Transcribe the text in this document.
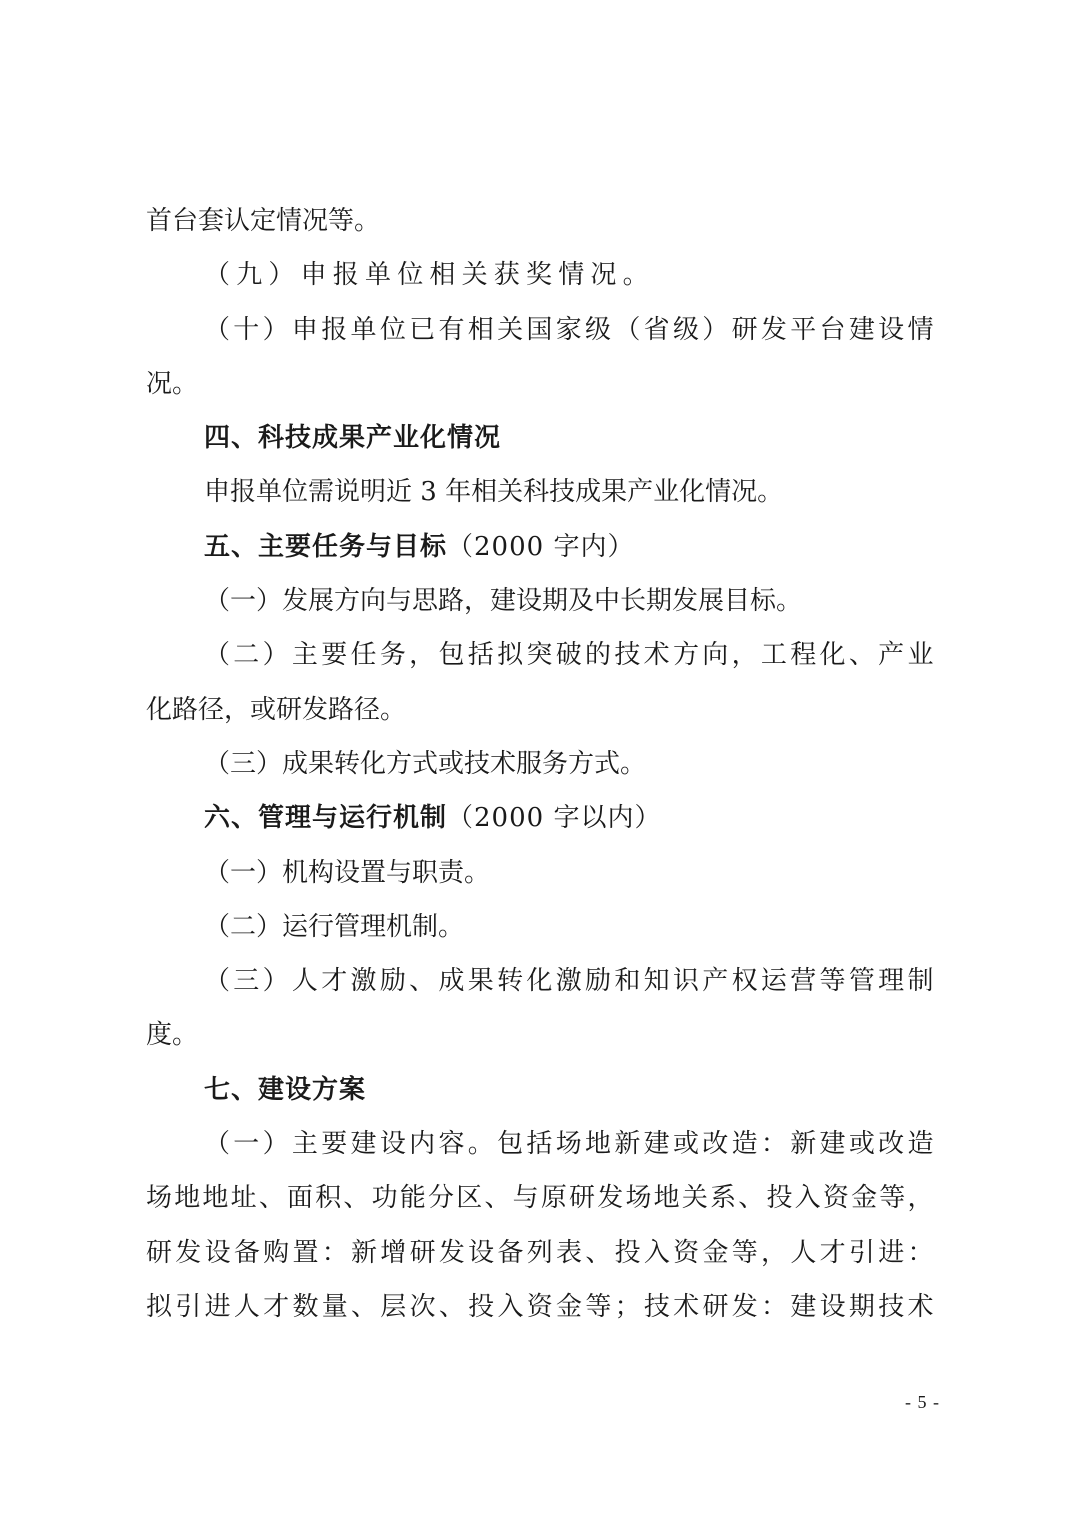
首台套认定情况等。
（九）申报单位相关获奖情况。
（十）申报单位已有相关国家级（省级）研发平台建设情
况。
四、科技成果产业化情况
申报单位需说明近 3 年相关科技成果产业化情况。
五、主要任务与目标（2000 字内）
（一）发展方向与思路，建设期及中长期发展目标。
（二）主要任务，包括拟突破的技术方向，工程化、产业
化路径，或研发路径。
（三）成果转化方式或技术服务方式。
六、管理与运行机制（2000 字以内）
（一）机构设置与职责。
（二）运行管理机制。
（三）人才激励、成果转化激励和知识产权运营等管理制
度。
七、建设方案
（一）主要建设内容。包括场地新建或改造：新建或改造
场地地址、面积、功能分区、与原研发场地关系、投入资金等，
研发设备购置：新增研发设备列表、投入资金等，人才引进：
拟引进人才数量、层次、投入资金等；技术研发：建设期技术

- 5 -
